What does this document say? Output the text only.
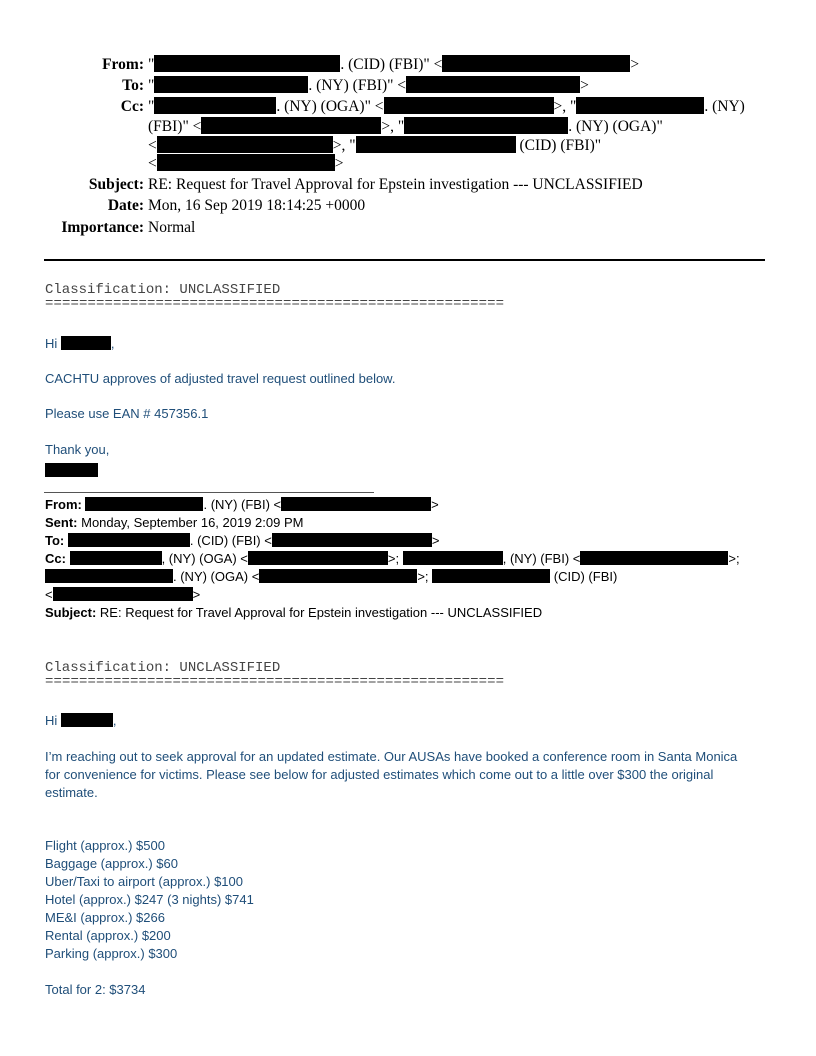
From: "	. (CID) (FBI)" <	>
To: "	. (NY) (FBI)" <	>
Cc: "	. (NY) (OGA)" <	>, "	. (NY)
(FBI)" <	>, "	. (NY) (OGA)"
<	>, "	(CID) (FBI)"
<	>
Subject: RE: Request for Travel Approval for Epstein investigation --- UNCLASSIFIED
Date: Mon, 16 Sep 2019 18:14:25 +0000
Importance: Normal
Classification: UNCLASSIFIED
======================================================
Hi	,
CACHTU approves of adjusted travel request outlined below.
Please use EAN # 457356.1
Thank you,
From:	. (NY) (FBI) <	>
Sent: Monday, September 16, 2019 2:09 PM
To:	. (CID) (FBI) <	>
Cc:	, (NY) (OGA) <	>;	, (NY) (FBI) <	>;
. (NY) (OGA) <	>;	(CID) (FBI)
<	>
Subject: RE: Request for Travel Approval for Epstein investigation --- UNCLASSIFIED
Classification: UNCLASSIFIED
======================================================
Hi	,
I’m reaching out to seek approval for an updated estimate. Our AUSAs have booked a conference room in Santa Monica
for convenience for victims. Please see below for adjusted estimates which come out to a little over $300 the original
estimate.
Flight (approx.) $500
Baggage (approx.) $60
Uber/Taxi to airport (approx.) $100
Hotel (approx.) $247 (3 nights) $741
ME&I (approx.) $266
Rental (approx.) $200
Parking (approx.) $300
Total for 2: $3734
